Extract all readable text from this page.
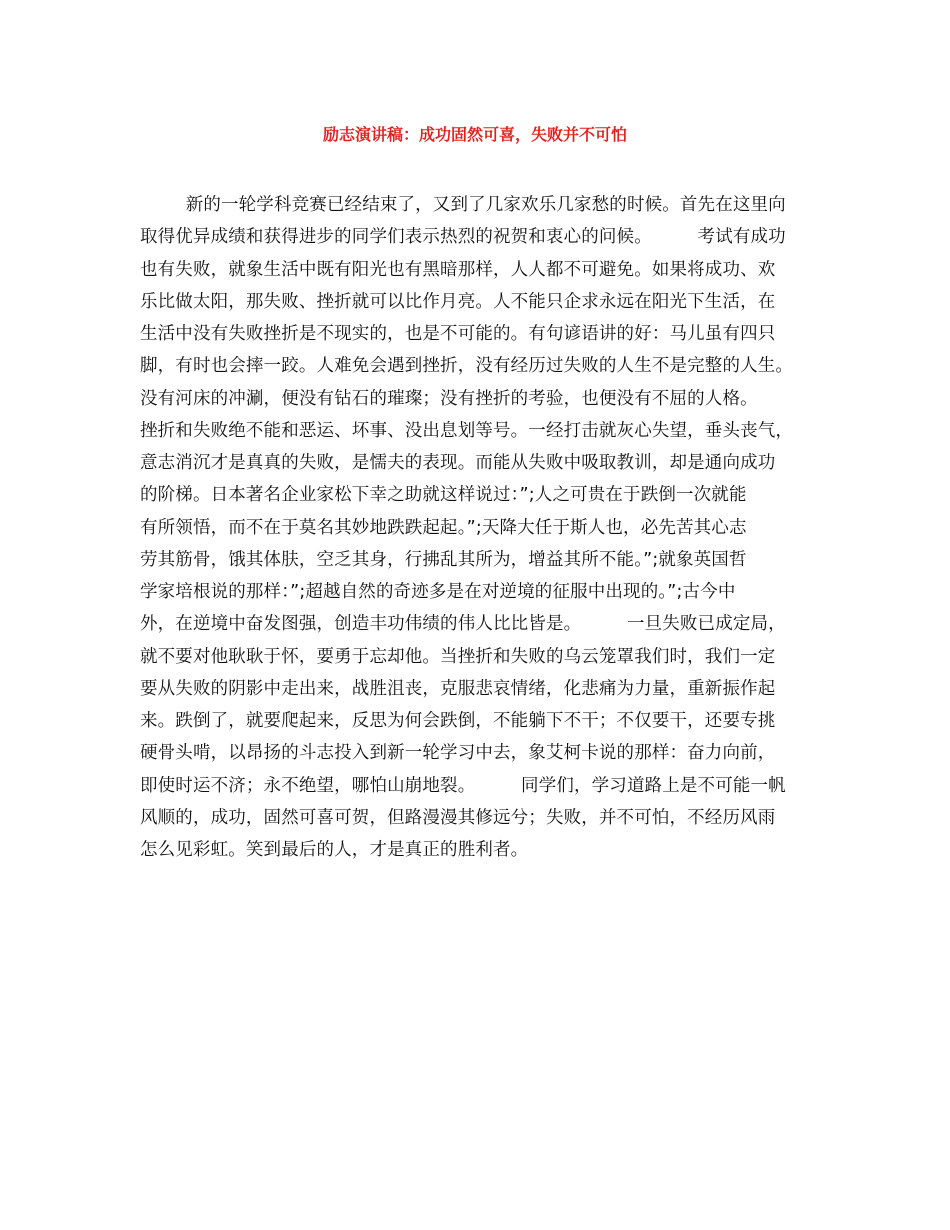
励志演讲稿：成功固然可喜，失败并不可怕
新的一轮学科竞赛已经结束了，又到了几家欢乐几家愁的时候。首先在这里向
取得优异成绩和获得进步的同学们表示热烈的祝贺和衷心的问候。        考试有成功
也有失败，就象生活中既有阳光也有黑暗那样，人人都不可避免。如果将成功、欢
乐比做太阳，那失败、挫折就可以比作月亮。人不能只企求永远在阳光下生活，在
生活中没有失败挫折是不现实的，也是不可能的。有句谚语讲的好：马儿虽有四只
脚，有时也会摔一跤。人难免会遇到挫折，没有经历过失败的人生不是完整的人生。
没有河床的冲涮，便没有钻石的璀璨；没有挫折的考验，也便没有不屈的人格。
挫折和失败绝不能和恶运、坏事、没出息划等号。一经打击就灰心失望，垂头丧气，
意志消沉才是真真的失败，是懦夫的表现。而能从失败中吸取教训，却是通向成功
的阶梯。日本著名企业家松下幸之助就这样说过：”;人之可贵在于跌倒一次就能
有所领悟，而不在于莫名其妙地跌跌起起。”;天降大任于斯人也，必先苦其心志
劳其筋骨，饿其体肤，空乏其身，行拂乱其所为，增益其所不能。”;就象英国哲
学家培根说的那样：”;超越自然的奇迹多是在对逆境的征服中出现的。”;古今中
外，在逆境中奋发图强，创造丰功伟绩的伟人比比皆是。        一旦失败已成定局，
就不要对他耿耿于怀，要勇于忘却他。当挫折和失败的乌云笼罩我们时，我们一定
要从失败的阴影中走出来，战胜沮丧，克服悲哀情绪，化悲痛为力量，重新振作起
来。跌倒了，就要爬起来，反思为何会跌倒，不能躺下不干；不仅要干，还要专挑
硬骨头啃，以昂扬的斗志投入到新一轮学习中去，象艾柯卡说的那样：奋力向前，
即使时运不济；永不绝望，哪怕山崩地裂。        同学们，学习道路上是不可能一帆
风顺的，成功，固然可喜可贺，但路漫漫其修远兮；失败，并不可怕，不经历风雨
怎么见彩虹。笑到最后的人，才是真正的胜利者。
